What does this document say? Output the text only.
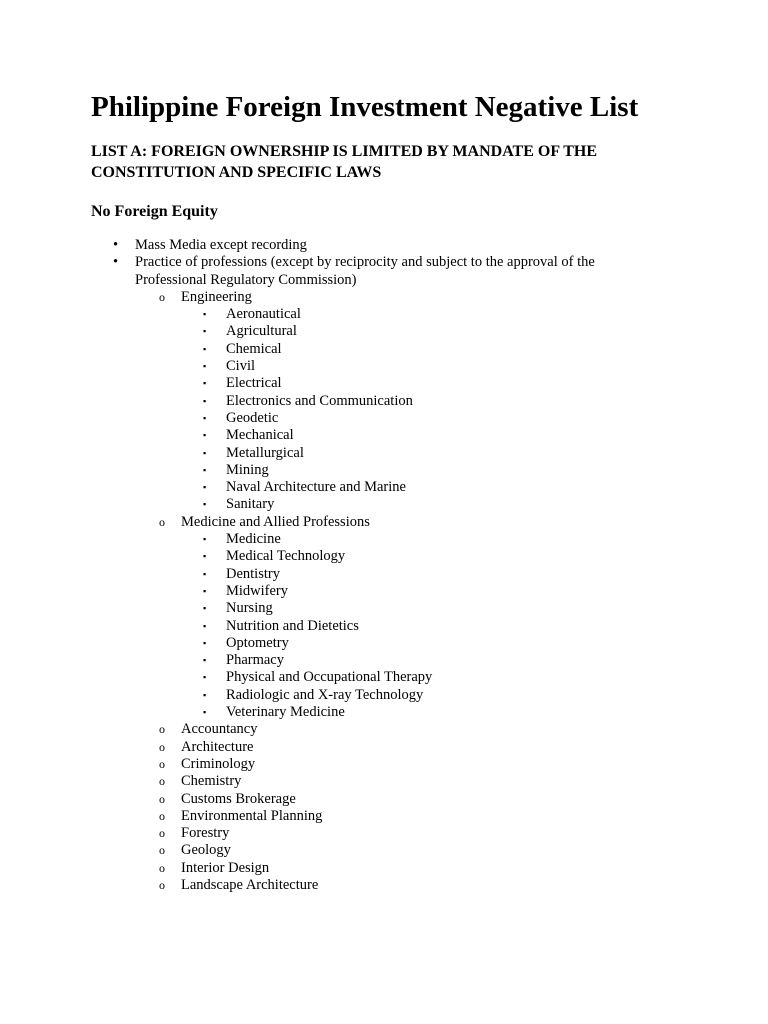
Philippine Foreign Investment Negative List
LIST A: FOREIGN OWNERSHIP IS LIMITED BY MANDATE OF THE
CONSTITUTION AND SPECIFIC LAWS
No Foreign Equity
• Mass Media except recording
• Practice of professions (except by reciprocity and subject to the approval of the
Professional Regulatory Commission)
o Engineering
▪ Aeronautical
▪ Agricultural
▪ Chemical
▪ Civil
▪ Electrical
▪ Electronics and Communication
▪ Geodetic
▪ Mechanical
▪ Metallurgical
▪ Mining
▪ Naval Architecture and Marine
▪ Sanitary
o Medicine and Allied Professions
▪ Medicine
▪ Medical Technology
▪ Dentistry
▪ Midwifery
▪ Nursing
▪ Nutrition and Dietetics
▪ Optometry
▪ Pharmacy
▪ Physical and Occupational Therapy
▪ Radiologic and X-ray Technology
▪ Veterinary Medicine
o Accountancy
o Architecture
o Criminology
o Chemistry
o Customs Brokerage
o Environmental Planning
o Forestry
o Geology
o Interior Design
o Landscape Architecture
